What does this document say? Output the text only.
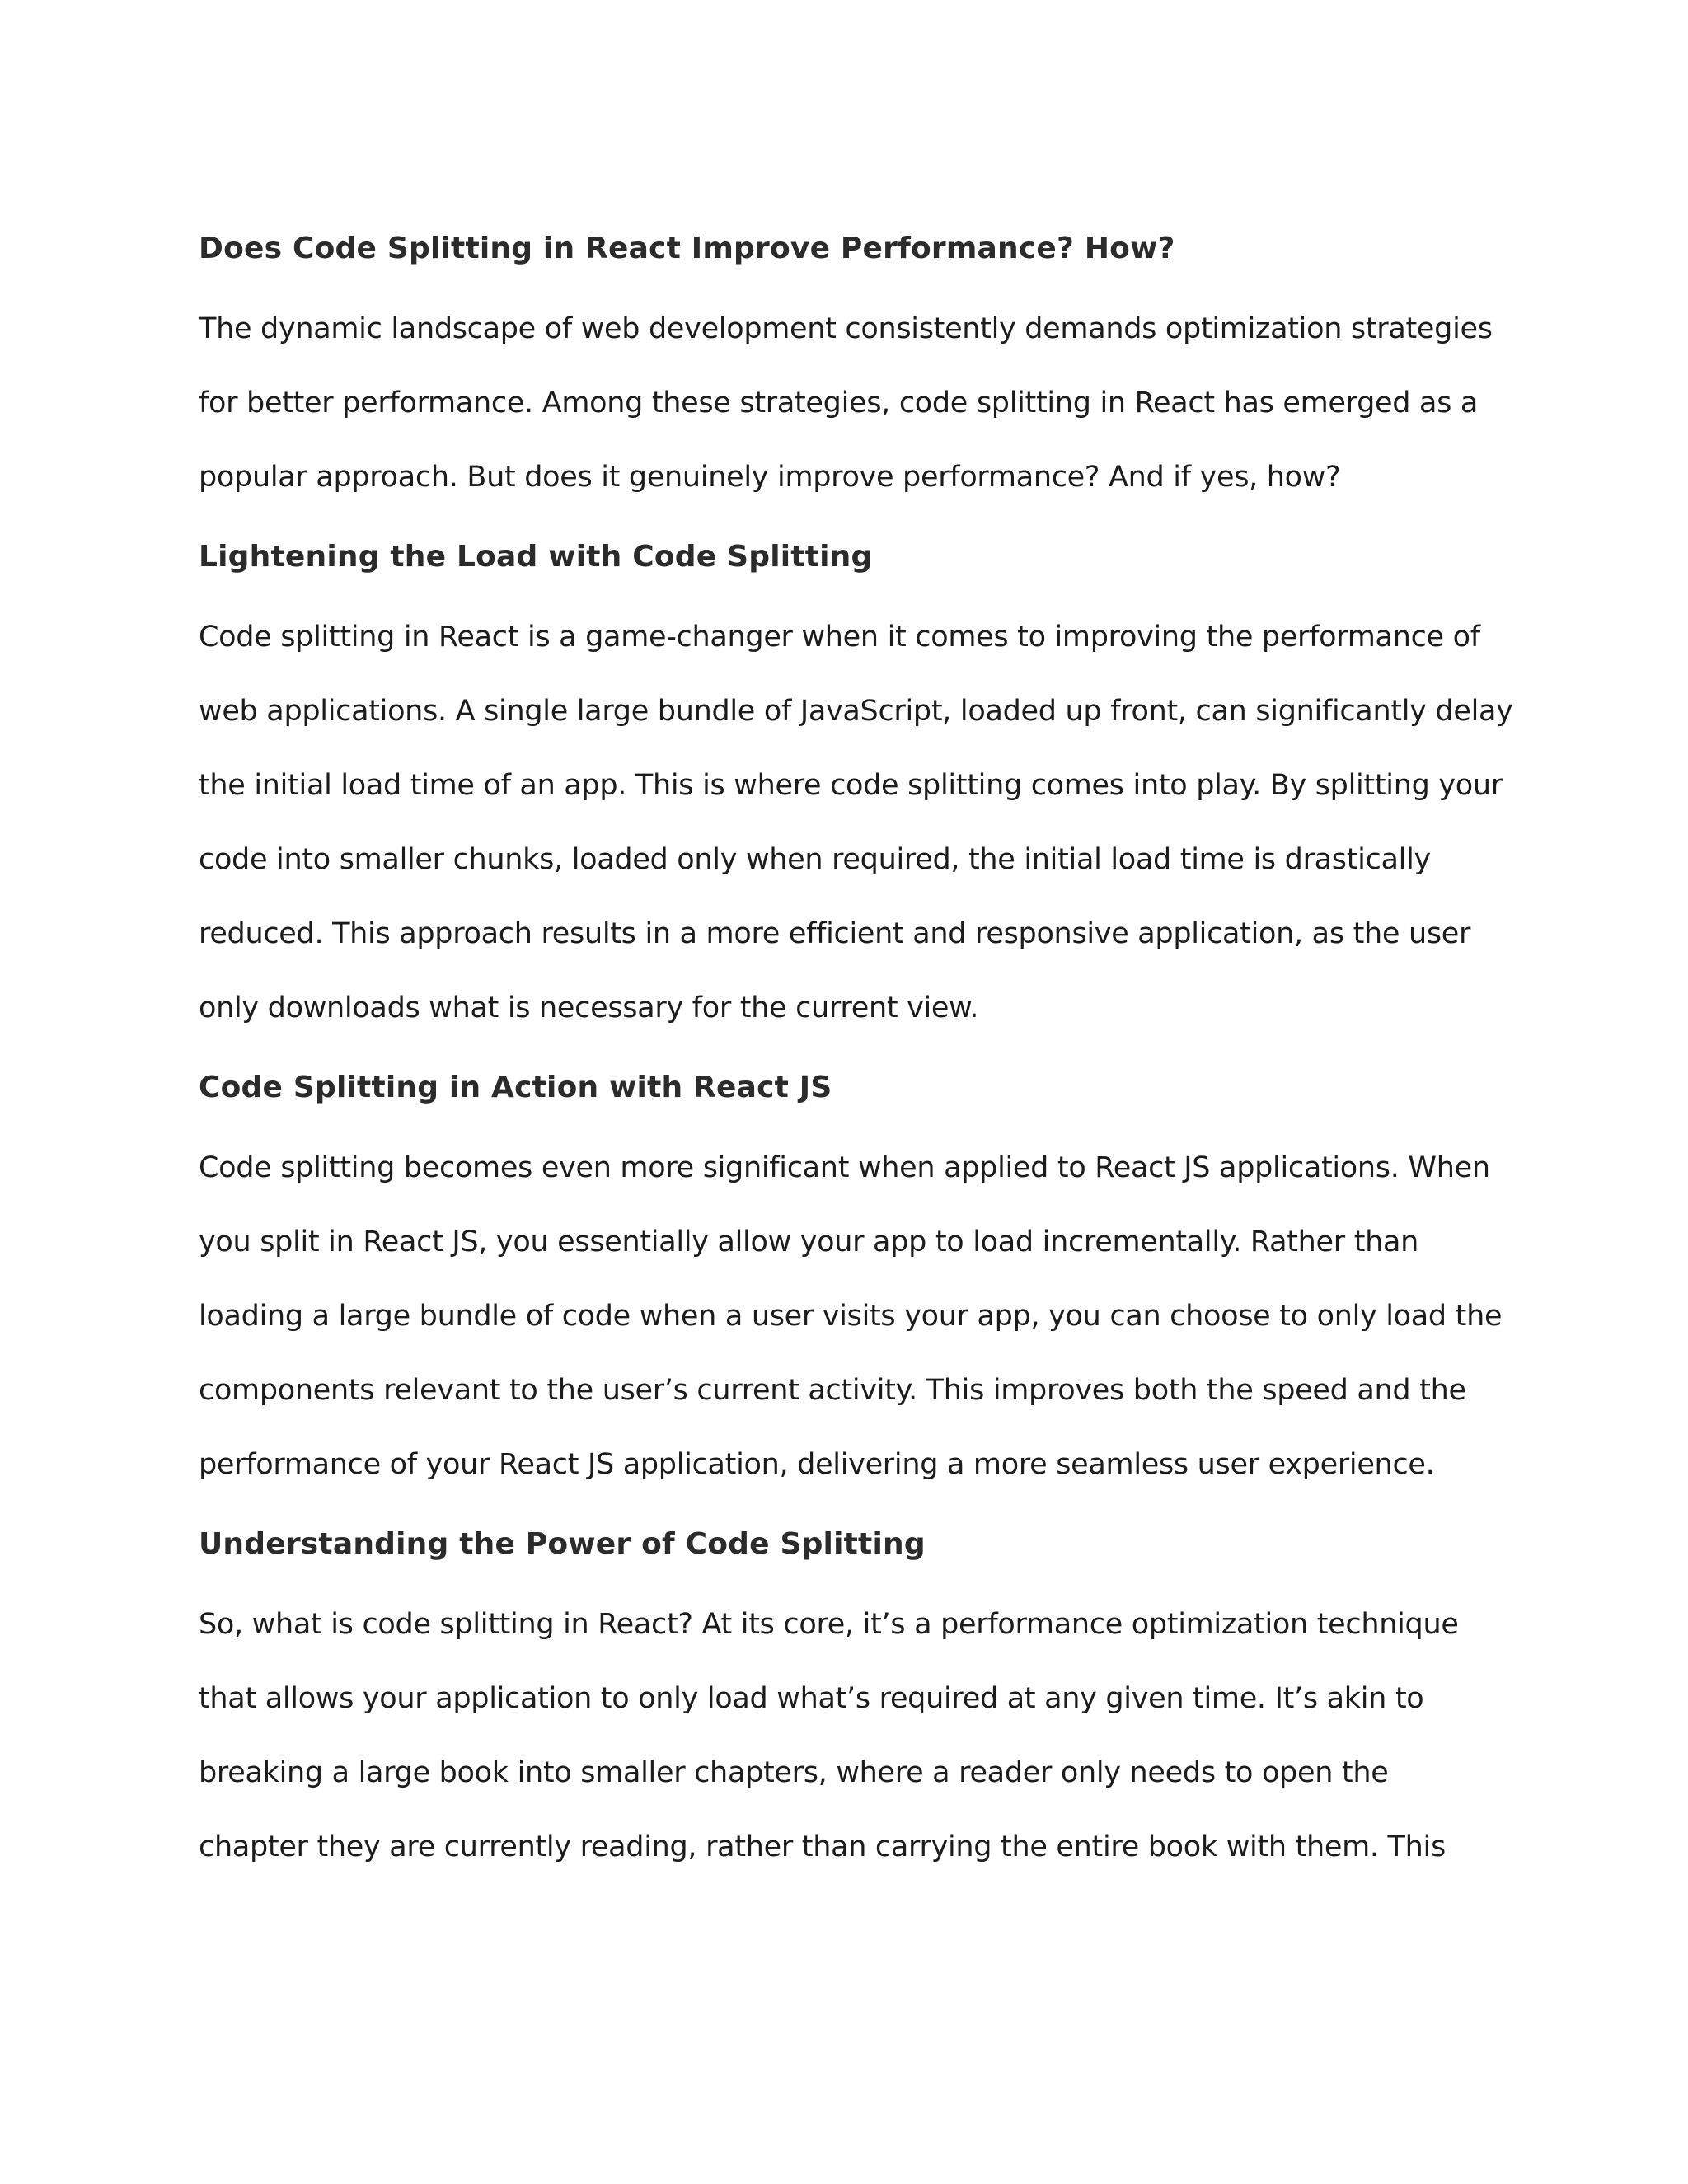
Does Code Splitting in React Improve Performance? How?

The dynamic landscape of web development consistently demands optimization strategies
for better performance. Among these strategies, code splitting in React has emerged as a
popular approach. But does it genuinely improve performance? And if yes, how?

Lightening the Load with Code Splitting

Code splitting in React is a game-changer when it comes to improving the performance of
web applications. A single large bundle of JavaScript, loaded up front, can significantly delay
the initial load time of an app. This is where code splitting comes into play. By splitting your
code into smaller chunks, loaded only when required, the initial load time is drastically
reduced. This approach results in a more efficient and responsive application, as the user
only downloads what is necessary for the current view.

Code Splitting in Action with React JS

Code splitting becomes even more significant when applied to React JS applications. When
you split in React JS, you essentially allow your app to load incrementally. Rather than
loading a large bundle of code when a user visits your app, you can choose to only load the
components relevant to the user’s current activity. This improves both the speed and the
performance of your React JS application, delivering a more seamless user experience.

Understanding the Power of Code Splitting

So, what is code splitting in React? At its core, it’s a performance optimization technique
that allows your application to only load what’s required at any given time. It’s akin to
breaking a large book into smaller chapters, where a reader only needs to open the
chapter they are currently reading, rather than carrying the entire book with them. This
